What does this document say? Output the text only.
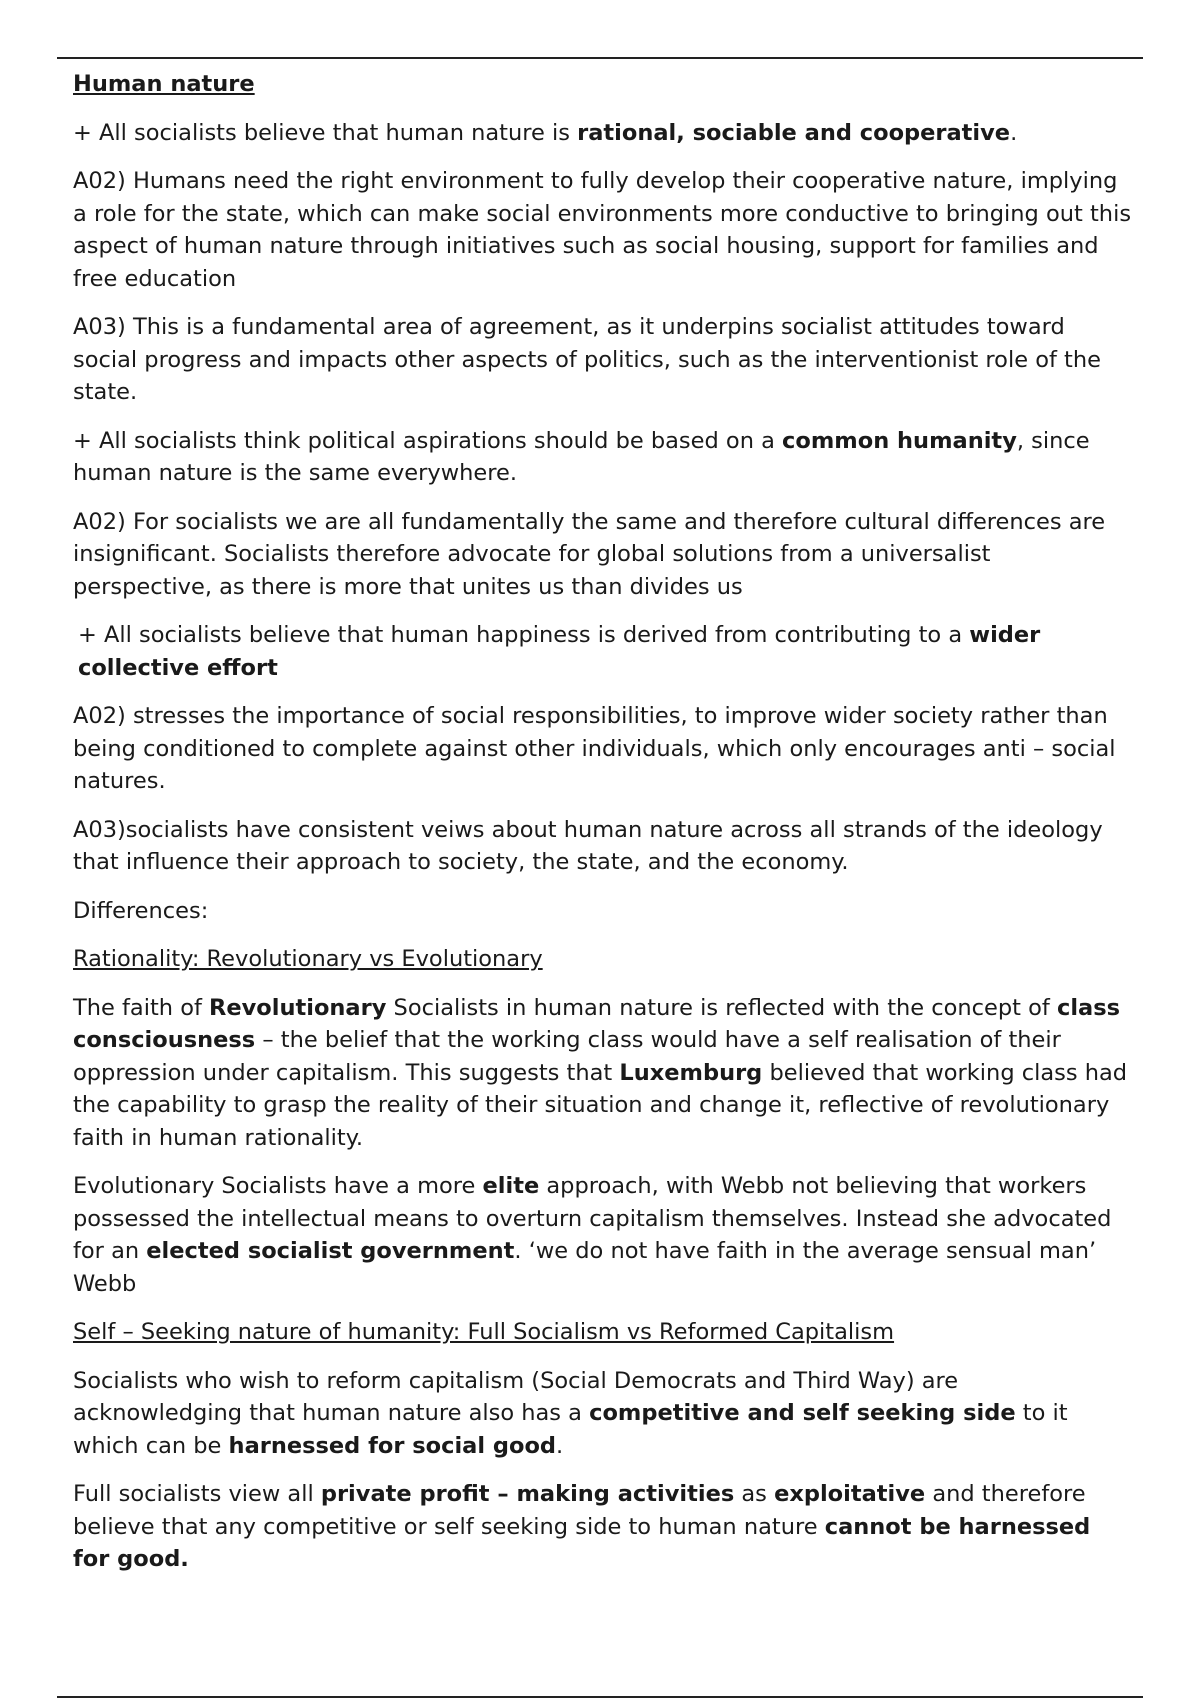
Human nature

+ All socialists believe that human nature is rational, sociable and cooperative.

A02) Humans need the right environment to fully develop their cooperative nature, implying a role for the state, which can make social environments more conductive to bringing out this aspect of human nature through initiatives such as social housing, support for families and free education

A03) This is a fundamental area of agreement, as it underpins socialist attitudes toward social progress and impacts other aspects of politics, such as the interventionist role of the state.

+ All socialists think political aspirations should be based on a common humanity, since human nature is the same everywhere.

A02) For socialists we are all fundamentally the same and therefore cultural differences are insignificant. Socialists therefore advocate for global solutions from a universalist perspective, as there is more that unites us than divides us

+ All socialists believe that human happiness is derived from contributing to a wider collective effort

A02) stresses the importance of social responsibilities, to improve wider society rather than being conditioned to complete against other individuals, which only encourages anti – social natures.

A03)socialists have consistent veiws about human nature across all strands of the ideology that influence their approach to society, the state, and the economy.

Differences:

Rationality: Revolutionary vs Evolutionary

The faith of Revolutionary Socialists in human nature is reflected with the concept of class consciousness – the belief that the working class would have a self realisation of their oppression under capitalism. This suggests that Luxemburg believed that working class had the capability to grasp the reality of their situation and change it, reflective of revolutionary faith in human rationality.

Evolutionary Socialists have a more elite approach, with Webb not believing that workers possessed the intellectual means to overturn capitalism themselves. Instead she advocated for an elected socialist government. ‘we do not have faith in the average sensual man’ Webb

Self – Seeking nature of humanity: Full Socialism vs Reformed Capitalism

Socialists who wish to reform capitalism (Social Democrats and Third Way) are acknowledging that human nature also has a competitive and self seeking side to it which can be harnessed for social good.

Full socialists view all private profit – making activities as exploitative and therefore believe that any competitive or self seeking side to human nature cannot be harnessed for good.
